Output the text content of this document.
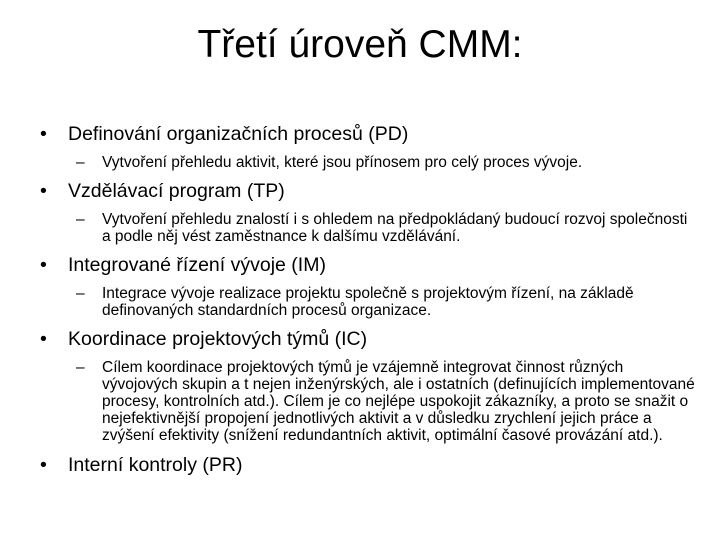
Třetí úroveň CMM:
• Definování organizačních procesů (PD)
– Vytvoření přehledu aktivit, které jsou přínosem pro celý proces vývoje.
• Vzdělávací program (TP)
– Vytvoření přehledu znalostí i s ohledem na předpokládaný budoucí rozvoj společnosti a podle něj vést zaměstnance k dalšímu vzdělávání.
• Integrované řízení vývoje (IM)
– Integrace vývoje realizace projektu společně s projektovým řízení, na základě definovaných standardních procesů organizace.
• Koordinace projektových týmů (IC)
– Cílem koordinace projektových týmů je vzájemně integrovat činnost různých vývojových skupin a t nejen inženýrských, ale i ostatních (definujících implementované procesy, kontrolních atd.). Cílem je co nejlépe uspokojit zákazníky, a proto se snažit o nejefektivnější propojení jednotlivých aktivit a v důsledku zrychlení jejich práce a zvýšení efektivity (snížení redundantních aktivit, optimální časové provázání atd.).
• Interní kontroly (PR)
